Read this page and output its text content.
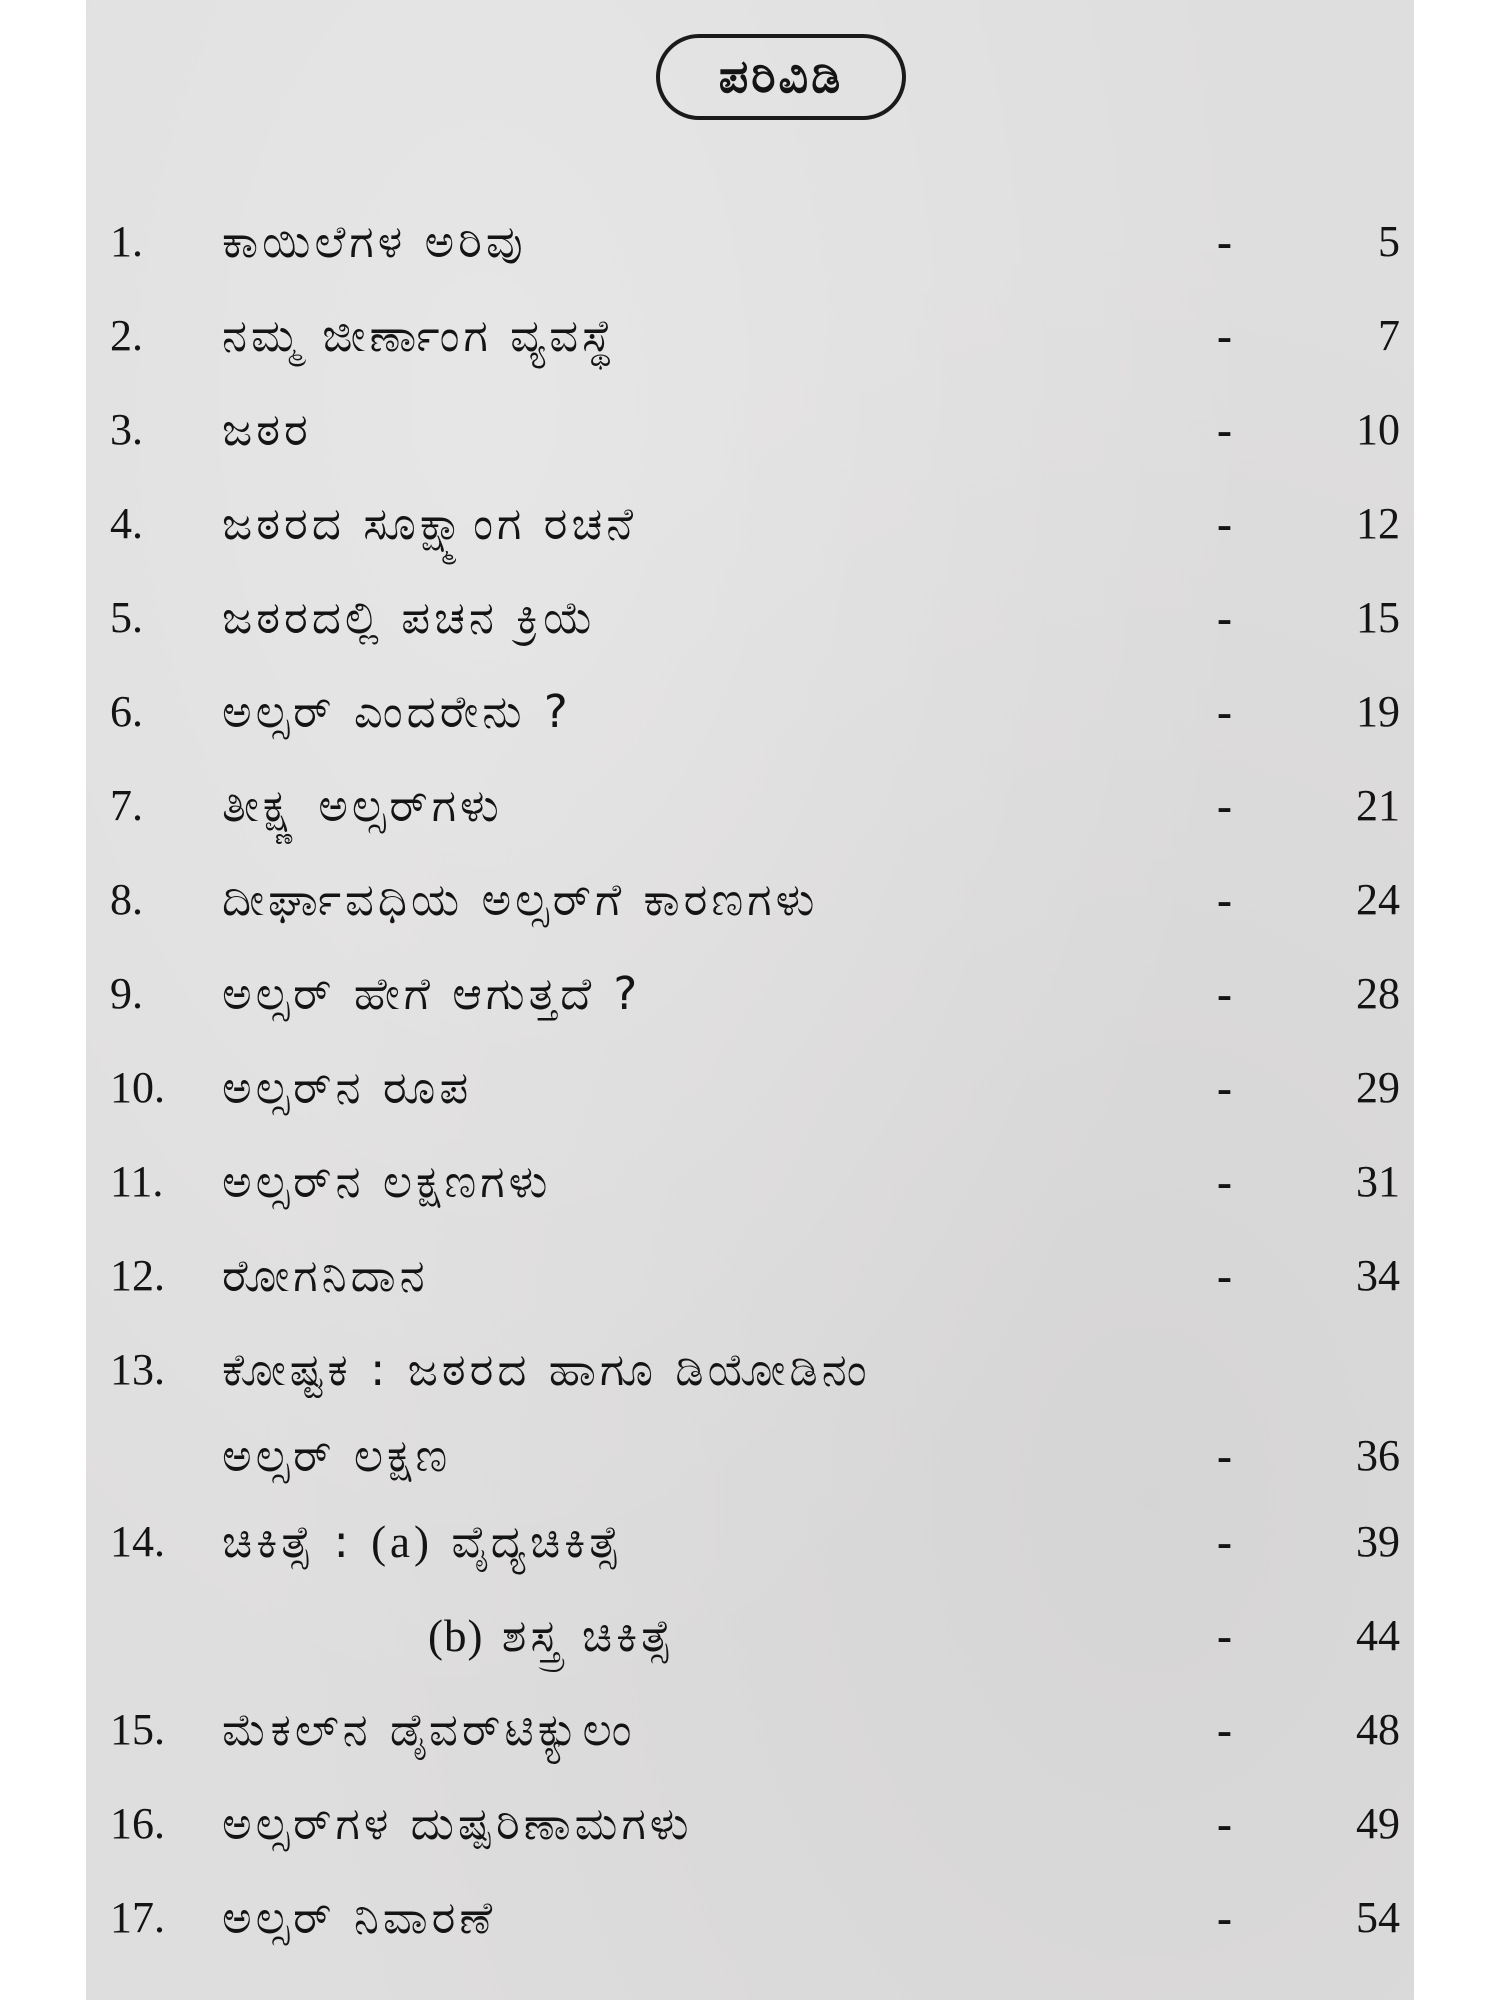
ಪರಿವಿಡಿ
1.	ಕಾಯಿಲೆಗಳ ಅರಿವು	-	5
2.	ನಮ್ಮ ಜೀರ್ಣಾಂಗ ವ್ಯವಸ್ಥೆ	-	7
3.	ಜಠರ	-	10
4.	ಜಠರದ ಸೂಕ್ಷ್ಮಾಂಗ ರಚನೆ	-	12
5.	ಜಠರದಲ್ಲಿ ಪಚನ ಕ್ರಿಯೆ	-	15
6.	ಅಲ್ಸರ್ ಎಂದರೇನು ?	-	19
7.	ತೀಕ್ಷ್ಣ ಅಲ್ಸರ್‌ಗಳು	-	21
8.	ದೀರ್ಘಾವಧಿಯ ಅಲ್ಸರ್‌ಗೆ ಕಾರಣಗಳು	-	24
9.	ಅಲ್ಸರ್ ಹೇಗೆ ಆಗುತ್ತದೆ ?	-	28
10.	ಅಲ್ಸರ್‌ನ ರೂಪ	-	29
11.	ಅಲ್ಸರ್‌ನ ಲಕ್ಷಣಗಳು	-	31
12.	ರೋಗನಿದಾನ	-	34
13.	ಕೋಷ್ಟಕ : ಜಠರದ ಹಾಗೂ ಡಿಯೋಡಿನಂ
ಅಲ್ಸರ್ ಲಕ್ಷಣ	-	36
14.	ಚಿಕಿತ್ಸೆ : (a) ವೈದ್ಯಚಿಕಿತ್ಸೆ	-	39
(b) ಶಸ್ತ್ರ ಚಿಕಿತ್ಸೆ	-	44
15.	ಮೆಕಲ್‌ನ ಡೈವರ್‌ಟಿಕ್ಯುಲಂ	-	48
16.	ಅಲ್ಸರ್‌ಗಳ ದುಷ್ಪರಿಣಾಮಗಳು	-	49
17.	ಅಲ್ಸರ್ ನಿವಾರಣೆ	-	54
